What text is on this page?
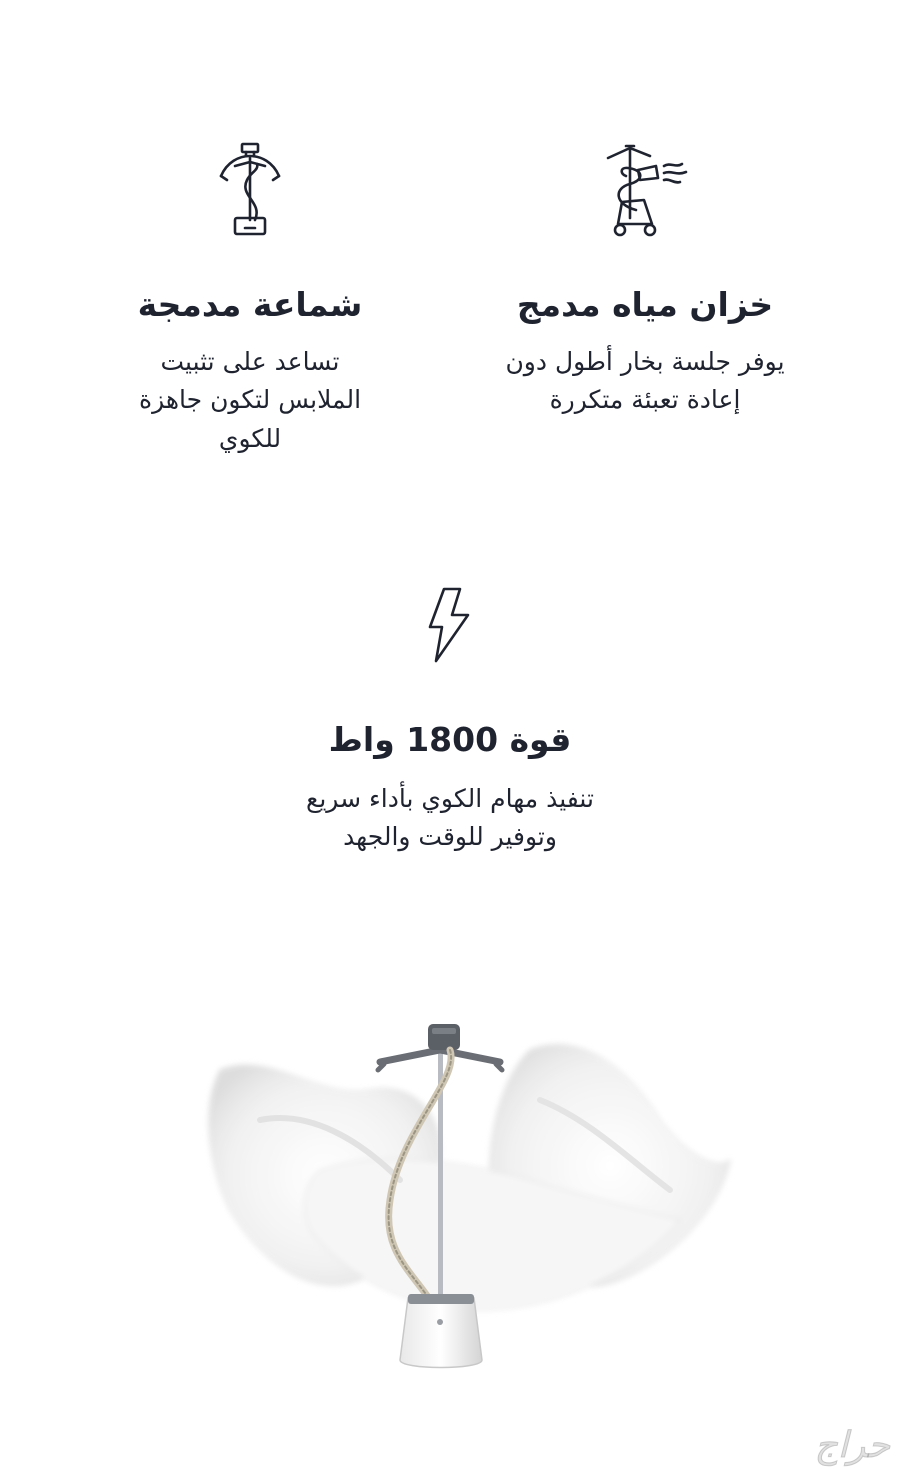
خزان مياه مدمج

يوفر جلسة بخار أطول دون
إعادة تعبئة متكررة

شماعة مدمجة

تساعد على تثبيت
الملابس لتكون جاهزة
للكوي

قوة 1800 واط

تنفيذ مهام الكوي بأداء سريع
وتوفير للوقت والجهد

حراج
